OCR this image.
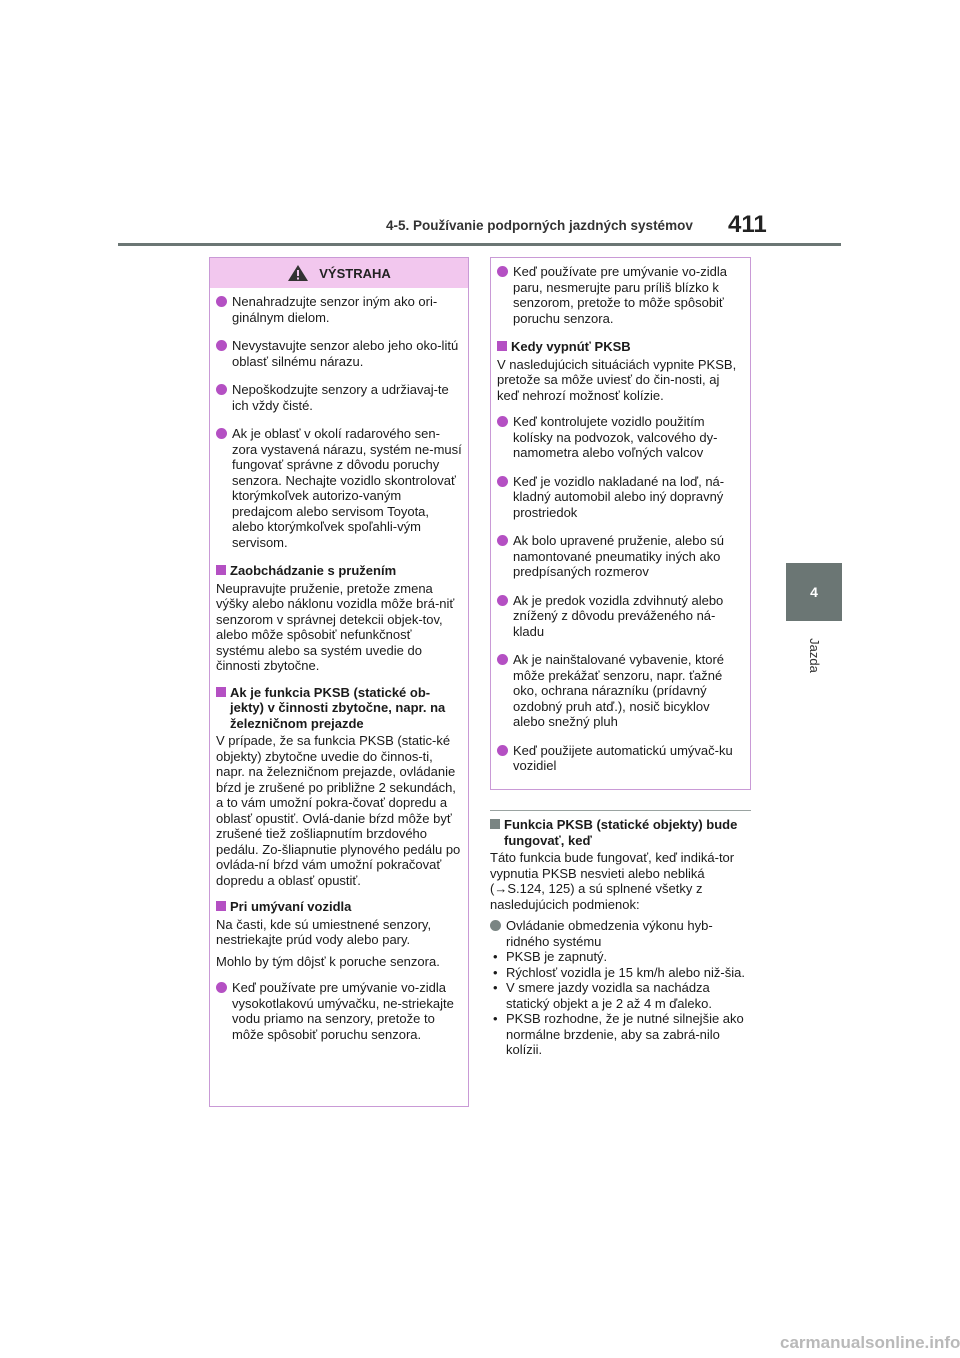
4-5. Používanie podporných jazdných systémov 411
4
Jazda
VÝSTRAHA
Nenahradzujte senzor iným ako ori-ginálnym dielom.
Nevystavujte senzor alebo jeho oko-litú oblasť silnému nárazu.
Nepoškodzujte senzory a udržiavaj-te ich vždy čisté.
Ak je oblasť v okolí radarového sen-zora vystavená nárazu, systém ne-musí fungovať správne z dôvodu poruchy senzora. Nechajte vozidlo skontrolovať ktorýmkoľvek autorizo-vaným predajcom alebo servisom Toyota, alebo ktorýmkoľvek spoľahli-vým servisom.
Zaobchádzanie s pružením
Neupravujte pruženie, pretože zmena výšky alebo náklonu vozidla môže brá-niť senzorom v správnej detekcii objek-tov, alebo môže spôsobiť nefunkčnosť systému alebo sa systém uvedie do činnosti zbytočne.
Ak je funkcia PKSB (statické ob-jekty) v činnosti zbytočne, napr. na železničnom prejazde
V prípade, že sa funkcia PKSB (static-ké objekty) zbytočne uvedie do činnos-ti, napr. na železničnom prejazde, ovládanie bŕzd je zrušené po približne 2 sekundách, a to vám umožní pokra-čovať dopredu a oblasť opustiť. Ovlá-danie bŕzd môže byť zrušené tiež zošliapnutím brzdového pedálu. Zo-šliapnutie plynového pedálu po ovláda-ní bŕzd vám umožní pokračovať dopredu a oblasť opustiť.
Pri umývaní vozidla
Na časti, kde sú umiestnené senzory, nestriekajte prúd vody alebo pary.
Mohlo by tým dôjsť k poruche senzora.
Keď používate pre umývanie vo-zidla vysokotlakovú umývačku, ne-striekajte vodu priamo na senzory, pretože to môže spôsobiť poruchu senzora.
Keď používate pre umývanie vo-zidla paru, nesmerujte paru príliš blízko k senzorom, pretože to môže spôsobiť poruchu senzora.
Kedy vypnúť PKSB
V nasledujúcich situáciách vypnite PKSB, pretože sa môže uviesť do čin-nosti, aj keď nehrozí možnosť kolízie.
Keď kontrolujete vozidlo použitím kolísky na podvozok, valcového dy-namometra alebo voľných valcov
Keď je vozidlo nakladané na loď, ná-kladný automobil alebo iný dopravný prostriedok
Ak bolo upravené pruženie, alebo sú namontované pneumatiky iných ako predpísaných rozmerov
Ak je predok vozidla zdvihnutý alebo znížený z dôvodu preváženého ná-kladu
Ak je nainštalované vybavenie, ktoré môže prekážať senzoru, napr. ťažné oko, ochrana nárazníku (prídavný ozdobný pruh atď.), nosič bicyklov alebo snežný pluh
Keď použijete automatickú umývač-ku vozidiel
Funkcia PKSB (statické objekty) bude fungovať, keď
Táto funkcia bude fungovať, keď indiká-tor vypnutia PKSB nesvieti alebo nebliká (→S.124, 125) a sú splnené všetky z nasledujúcich podmienok:
Ovládanie obmedzenia výkonu hyb-ridného systému
• PKSB je zapnutý.
• Rýchlosť vozidla je 15 km/h alebo niž-šia.
• V smere jazdy vozidla sa nachádza statický objekt a je 2 až 4 m ďaleko.
• PKSB rozhodne, že je nutné silnejšie ako normálne brzdenie, aby sa zabrá-nilo kolízii.
carmanualsonline.info
